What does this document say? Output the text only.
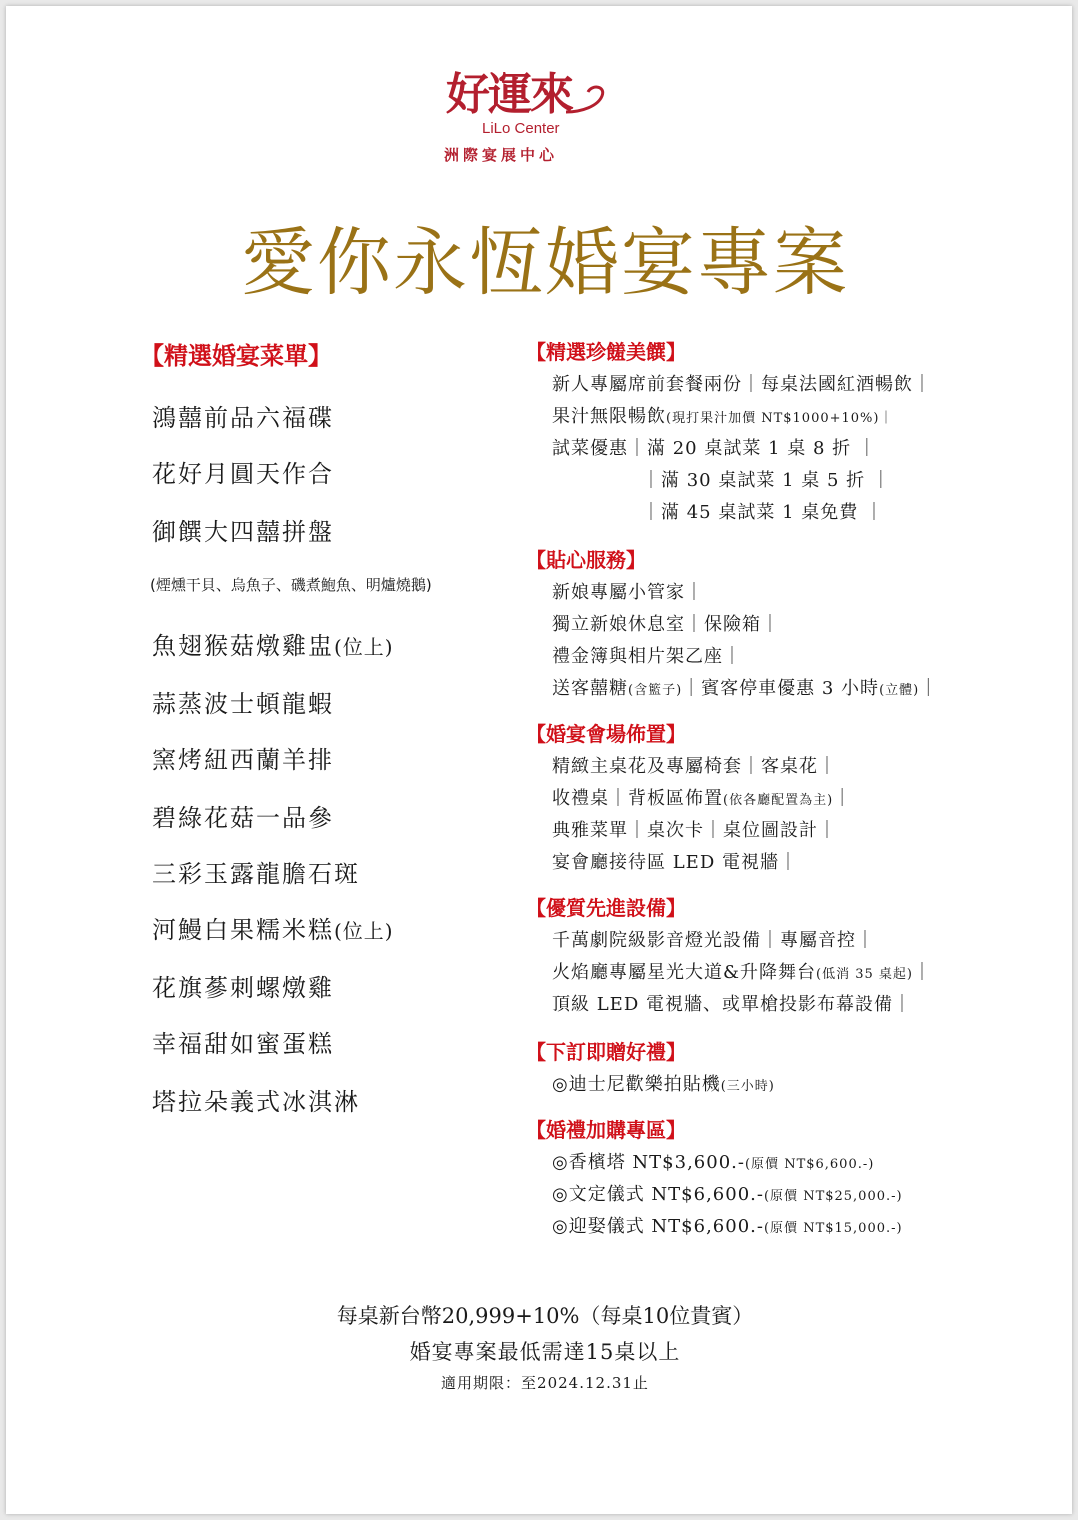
好運來
LiLo Center
洲際宴展中心
愛你永恆婚宴專案
【精選婚宴菜單】
鴻囍前品六福碟
花好月圓天作合
御饌大四囍拼盤
(煙燻干貝、烏魚子、磯煮鮑魚、明爐燒鵝)
魚翅猴菇燉雞盅(位上)
蒜蒸波士頓龍蝦
窯烤紐西蘭羊排
碧綠花菇一品參
三彩玉露龍膽石斑
河鰻白果糯米糕(位上)
花旗蔘刺螺燉雞
幸福甜如蜜蛋糕
塔拉朵義式冰淇淋
【精選珍饈美饌】
新人專屬席前套餐兩份｜每桌法國紅酒暢飲｜
果汁無限暢飲(現打果汁加價 NT$1000+10%)｜
試菜優惠｜滿 20 桌試菜 1 桌 8 折 ｜
｜滿 30 桌試菜 1 桌 5 折 ｜
｜滿 45 桌試菜 1 桌免費 ｜
【貼心服務】
新娘專屬小管家｜
獨立新娘休息室｜保險箱｜
禮金簿與相片架乙座｜
送客囍糖(含籃子)｜賓客停車優惠 3 小時(立體)｜
【婚宴會場佈置】
精緻主桌花及專屬椅套｜客桌花｜
收禮桌｜背板區佈置(依各廳配置為主)｜
典雅菜單｜桌次卡｜桌位圖設計｜
宴會廳接待區 LED 電視牆｜
【優質先進設備】
千萬劇院級影音燈光設備｜專屬音控｜
火焰廳專屬星光大道&升降舞台(低消 35 桌起)｜
頂級 LED 電視牆、或單槍投影布幕設備｜
【下訂即贈好禮】
◎迪士尼歡樂拍貼機(三小時)
【婚禮加購專區】
◎香檳塔 NT$3,600.-(原價 NT$6,600.-)
◎文定儀式 NT$6,600.-(原價 NT$25,000.-)
◎迎娶儀式 NT$6,600.-(原價 NT$15,000.-)
每桌新台幣20,999+10%（每桌10位貴賓）
婚宴專案最低需達15桌以上
適用期限：至2024.12.31止
